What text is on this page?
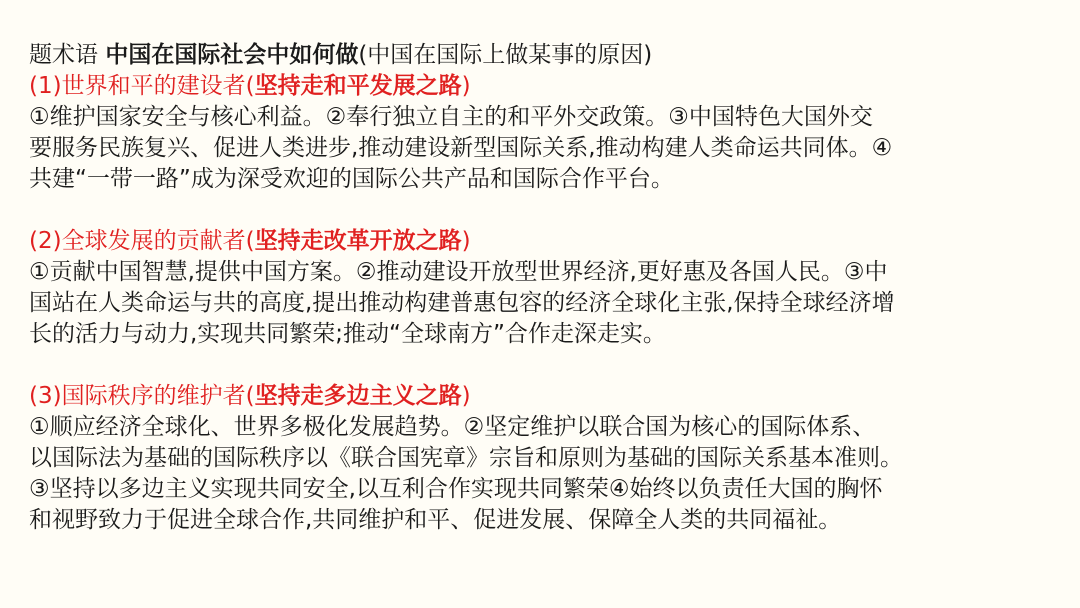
题术语 中国在国际社会中如何做(中国在国际上做某事的原因)
(1)世界和平的建设者(坚持走和平发展之路)
①维护国家安全与核心利益。②奉行独立自主的和平外交政策。③中国特色大国外交
要服务民族复兴、促进人类进步,推动建设新型国际关系,推动构建人类命运共同体。④
共建“一带一路”成为深受欢迎的国际公共产品和国际合作平台。
(2)全球发展的贡献者(坚持走改革开放之路)
①贡献中国智慧,提供中国方案。②推动建设开放型世界经济,更好惠及各国人民。③中
国站在人类命运与共的高度,提出推动构建普惠包容的经济全球化主张,保持全球经济增
长的活力与动力,实现共同繁荣;推动“全球南方”合作走深走实。
(3)国际秩序的维护者(坚持走多边主义之路)
①顺应经济全球化、世界多极化发展趋势。②坚定维护以联合国为核心的国际体系、
以国际法为基础的国际秩序以《联合国宪章》宗旨和原则为基础的国际关系基本准则。
③坚持以多边主义实现共同安全,以互利合作实现共同繁荣④始终以负责任大国的胸怀
和视野致力于促进全球合作,共同维护和平、促进发展、保障全人类的共同福祉。
